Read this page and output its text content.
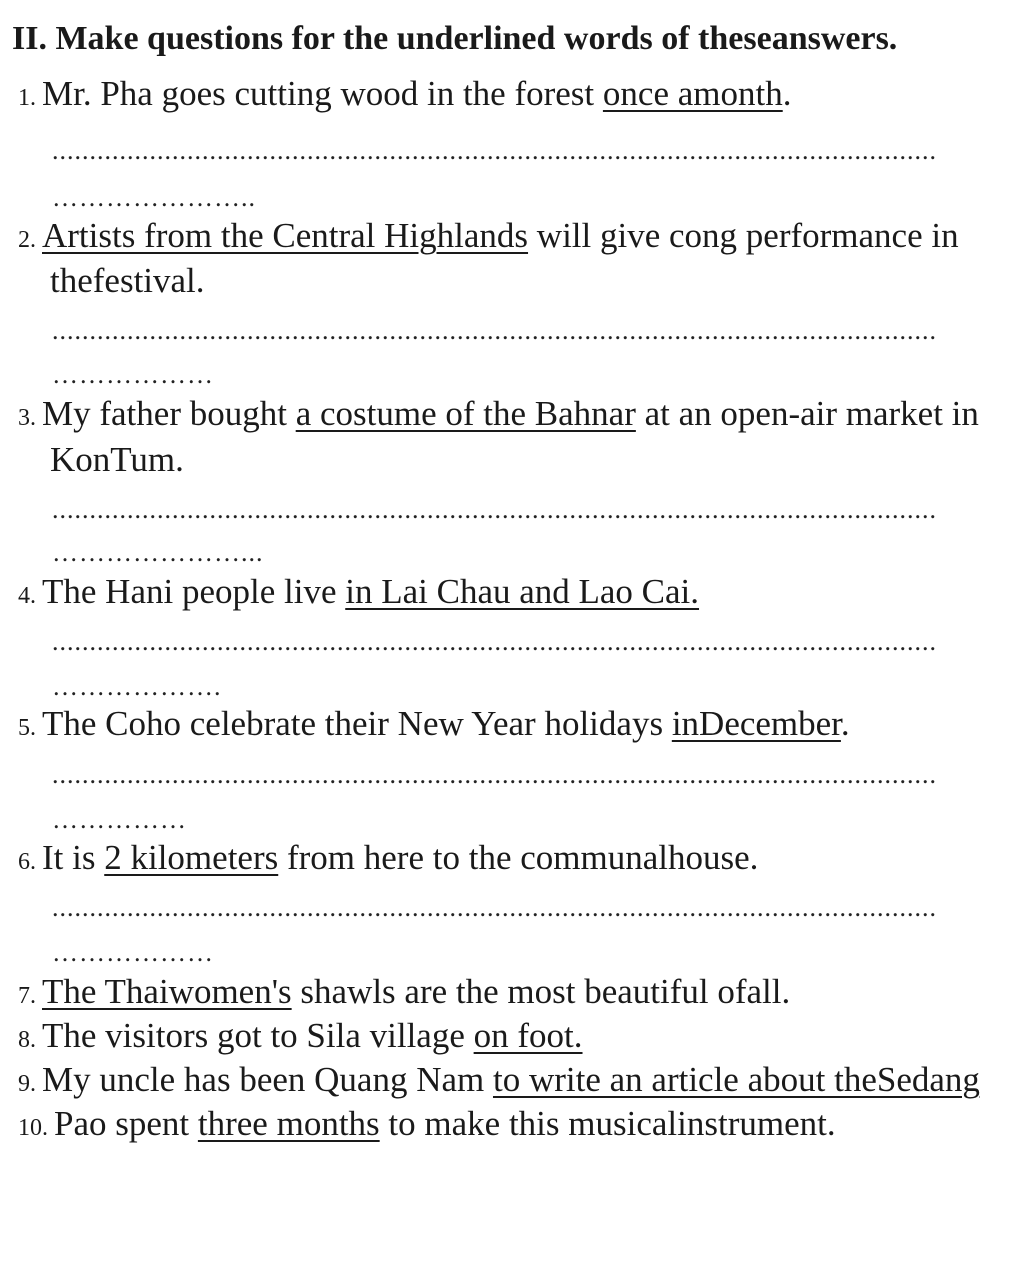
II. Make questions for the underlined words of theseanswers.
1. Mr. Pha goes cutting wood in the forest once amonth.
......................................................................................................................
…………………..
2. Artists from the Central Highlands will give cong performance in
thefestival.
......................................................................................................................
………………
3. My father bought a costume of the Bahnar at an open-air market in
KonTum.
......................................................................................................................
…………………...
4. The Hani people live in Lai Chau and Lao Cai.
......................................................................................................................
……………….
5. The Coho celebrate their New Year holidays inDecember.
......................................................................................................................
……………
6. It is 2 kilometers from here to the communalhouse.
......................................................................................................................
………………
7. The Thaiwomen's shawls are the most beautiful ofall.
8. The visitors got to Sila village on foot.
9. My uncle has been Quang Nam to write an article about theSedang
10. Pao spent three months to make this musicalinstrument.
